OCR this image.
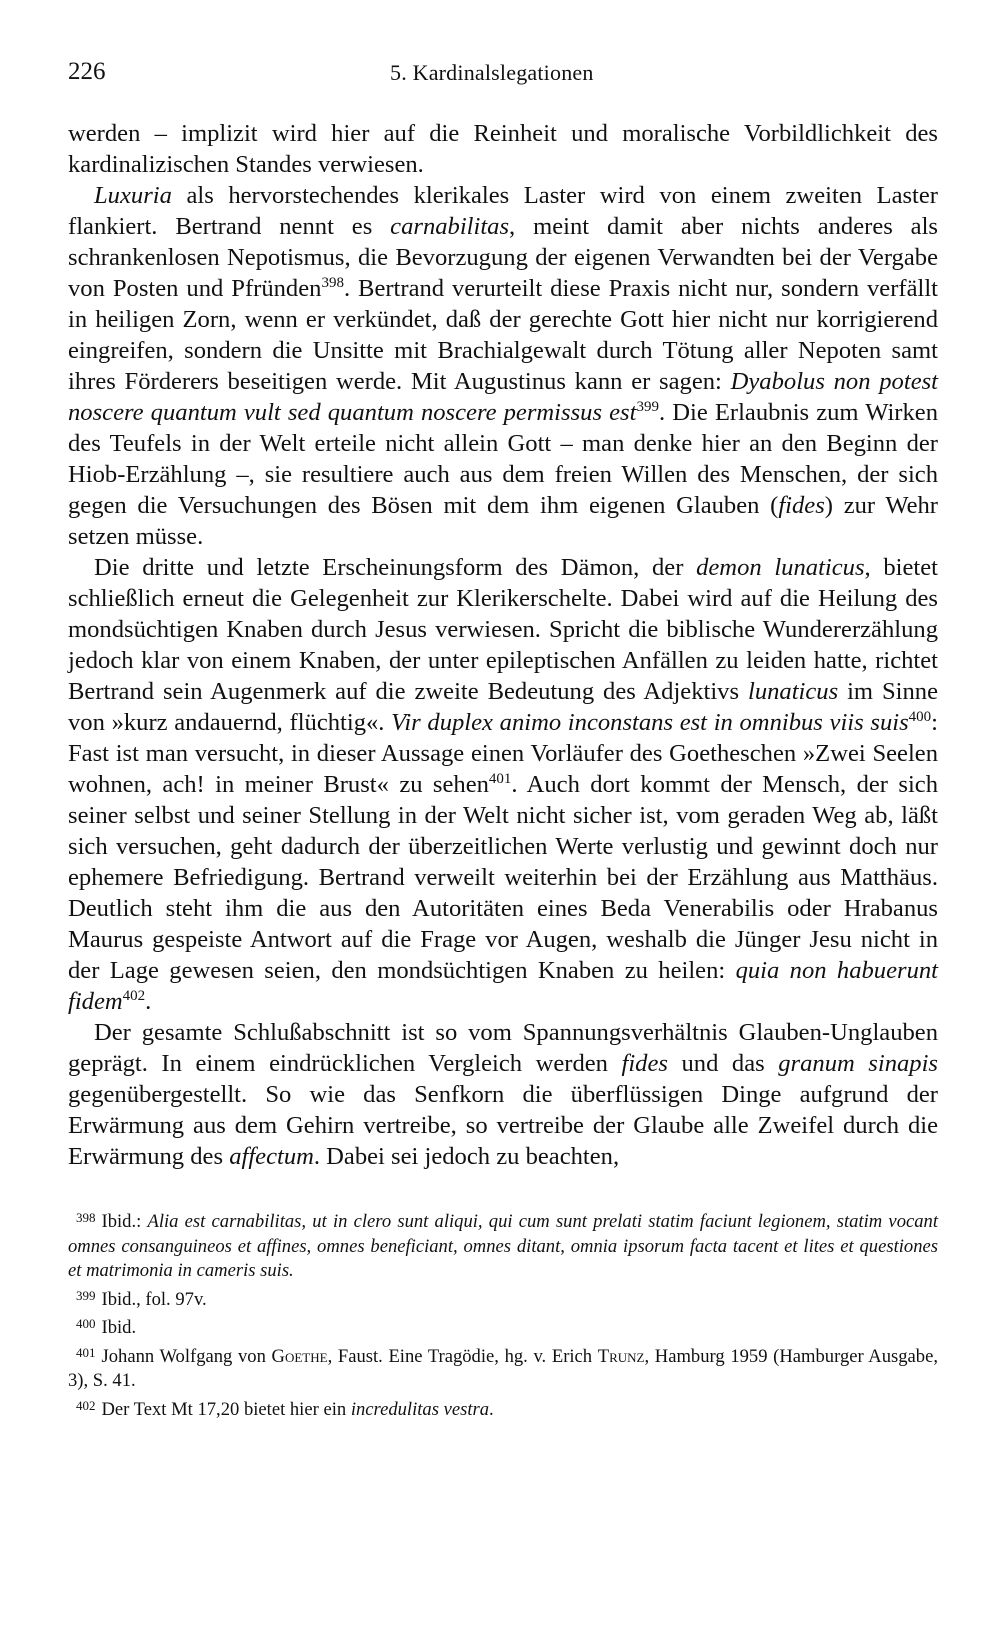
226	5. Kardinalslegationen

werden – implizit wird hier auf die Reinheit und moralische Vorbildlichkeit des kardinalizischen Standes verwiesen.

Luxuria als hervorstechendes klerikales Laster wird von einem zweiten Laster flankiert. Bertrand nennt es carnabilitas, meint damit aber nichts anderes als schrankenlosen Nepotismus, die Bevorzugung der eigenen Verwandten bei der Vergabe von Posten und Pfründen$^{398}$. Bertrand verurteilt diese Praxis nicht nur, sondern verfällt in heiligen Zorn, wenn er verkündet, daß der gerechte Gott hier nicht nur korrigierend eingreifen, sondern die Unsitte mit Brachialgewalt durch Tötung aller Nepoten samt ihres Förderers beseitigen werde. Mit Augustinus kann er sagen: Dyabolus non potest noscere quantum vult sed quantum noscere permissus est$^{399}$. Die Erlaubnis zum Wirken des Teufels in der Welt erteile nicht allein Gott – man denke hier an den Beginn der Hiob-Erzählung –, sie resultiere auch aus dem freien Willen des Menschen, der sich gegen die Versuchungen des Bösen mit dem ihm eigenen Glauben (fides) zur Wehr setzen müsse.

Die dritte und letzte Erscheinungsform des Dämon, der demon lunaticus, bietet schließlich erneut die Gelegenheit zur Klerikerschelte. Dabei wird auf die Heilung des mondsüchtigen Knaben durch Jesus verwiesen. Spricht die biblische Wundererzählung jedoch klar von einem Knaben, der unter epileptischen Anfällen zu leiden hatte, richtet Bertrand sein Augenmerk auf die zweite Bedeutung des Adjektivs lunaticus im Sinne von »kurz andauernd, flüchtig«. Vir duplex animo inconstans est in omnibus viis suis$^{400}$: Fast ist man versucht, in dieser Aussage einen Vorläufer des Goetheschen »Zwei Seelen wohnen, ach! in meiner Brust« zu sehen$^{401}$. Auch dort kommt der Mensch, der sich seiner selbst und seiner Stellung in der Welt nicht sicher ist, vom geraden Weg ab, läßt sich versuchen, geht dadurch der überzeitlichen Werte verlustig und gewinnt doch nur ephemere Befriedigung. Bertrand verweilt weiterhin bei der Erzählung aus Matthäus. Deutlich steht ihm die aus den Autoritäten eines Beda Venerabilis oder Hrabanus Maurus gespeiste Antwort auf die Frage vor Augen, weshalb die Jünger Jesu nicht in der Lage gewesen seien, den mondsüchtigen Knaben zu heilen: quia non habuerunt fidem$^{402}$.

Der gesamte Schlußabschnitt ist so vom Spannungsverhältnis Glauben-Unglauben geprägt. In einem eindrücklichen Vergleich werden fides und das granum sinapis gegenübergestellt. So wie das Senfkorn die überflüssigen Dinge aufgrund der Erwärmung aus dem Gehirn vertreibe, so vertreibe der Glaube alle Zweifel durch die Erwärmung des affectum. Dabei sei jedoch zu beachten,

$^{398}$ Ibid.: Alia est carnabilitas, ut in clero sunt aliqui, qui cum sunt prelati statim faciunt legionem, statim vocant omnes consanguineos et affines, omnes beneficiant, omnes ditant, omnia ipsorum facta tacent et lites et questiones et matrimonia in cameris suis.

$^{399}$ Ibid., fol. 97v.

$^{400}$ Ibid.

$^{401}$ Johann Wolfgang von Goethe, Faust. Eine Tragödie, hg. v. Erich Trunz, Hamburg 1959 (Hamburger Ausgabe, 3), S. 41.

$^{402}$ Der Text Mt 17,20 bietet hier ein incredulitas vestra.
